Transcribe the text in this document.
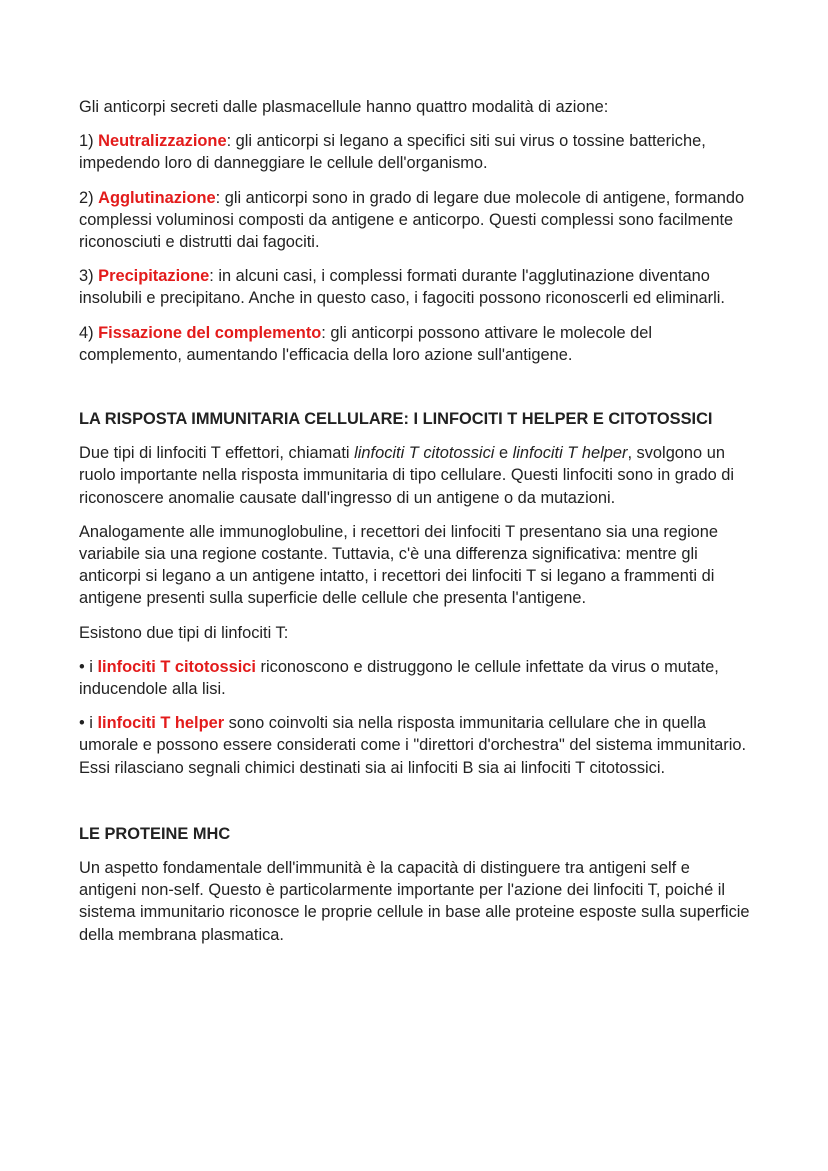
Gli anticorpi secreti dalle plasmacellule hanno quattro modalità di azione:

1) Neutralizzazione: gli anticorpi si legano a specifici siti sui virus o tossine batteriche, impedendo loro di danneggiare le cellule dell'organismo.

2) Agglutinazione: gli anticorpi sono in grado di legare due molecole di antigene, formando complessi voluminosi composti da antigene e anticorpo. Questi complessi sono facilmente riconosciuti e distrutti dai fagociti.

3) Precipitazione: in alcuni casi, i complessi formati durante l'agglutinazione diventano insolubili e precipitano. Anche in questo caso, i fagociti possono riconoscerli ed eliminarli.

4) Fissazione del complemento: gli anticorpi possono attivare le molecole del complemento, aumentando l'efficacia della loro azione sull'antigene.

LA RISPOSTA IMMUNITARIA CELLULARE: I LINFOCITI T HELPER E CITOTOSSICI

Due tipi di linfociti T effettori, chiamati linfociti T citotossici e linfociti T helper, svolgono un ruolo importante nella risposta immunitaria di tipo cellulare. Questi linfociti sono in grado di riconoscere anomalie causate dall'ingresso di un antigene o da mutazioni.

Analogamente alle immunoglobuline, i recettori dei linfociti T presentano sia una regione variabile sia una regione costante. Tuttavia, c'è una differenza significativa: mentre gli anticorpi si legano a un antigene intatto, i recettori dei linfociti T si legano a frammenti di antigene presenti sulla superficie delle cellule che presenta l'antigene.

Esistono due tipi di linfociti T:

• i linfociti T citotossici riconoscono e distruggono le cellule infettate da virus o mutate, inducendole alla lisi.

• i linfociti T helper sono coinvolti sia nella risposta immunitaria cellulare che in quella umorale e possono essere considerati come i "direttori d'orchestra" del sistema immunitario. Essi rilasciano segnali chimici destinati sia ai linfociti B sia ai linfociti T citotossici.

LE PROTEINE MHC

Un aspetto fondamentale dell'immunità è la capacità di distinguere tra antigeni self e antigeni non-self. Questo è particolarmente importante per l'azione dei linfociti T, poiché il sistema immunitario riconosce le proprie cellule in base alle proteine esposte sulla superficie della membrana plasmatica.
